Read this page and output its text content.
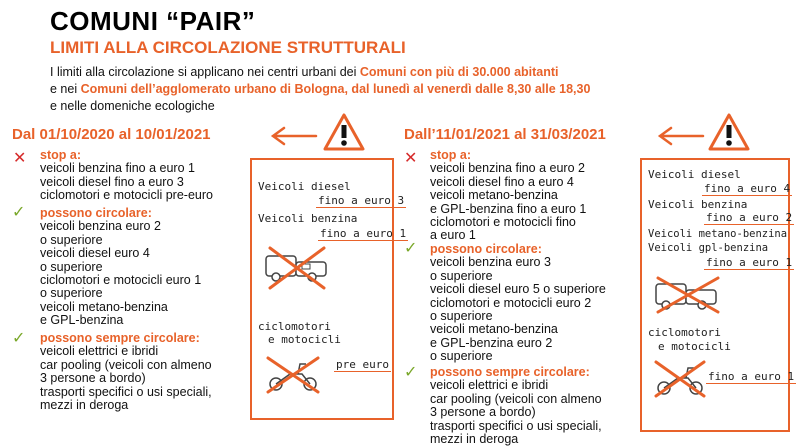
COMUNI “PAIR”
LIMITI ALLA CIRCOLAZIONE STRUTTURALI
I limiti alla circolazione si applicano nei centri urbani dei Comuni con più di 30.000 abitanti
e nei Comuni dell’agglomerato urbano di Bologna, dal lunedì al venerdì dalle 8,30 alle 18,30
e nelle domeniche ecologiche
Dal 01/10/2020 al 10/01/2021
✕ stop a:
veicoli benzina fino a euro 1
veicoli diesel fino a euro 3
ciclomotori e motocicli pre-euro
✓ possono circolare:
veicoli benzina euro 2
o superiore
veicoli diesel euro 4
o superiore
ciclomotori e motocicli euro 1
o superiore
veicoli metano-benzina
e GPL-benzina
✓ possono sempre circolare:
veicoli elettrici e ibridi
car pooling (veicoli con almeno
3 persone a bordo)
trasporti specifici o usi speciali,
mezzi in deroga
Veicoli diesel
fino a euro 3
Veicoli benzina
fino a euro 1
ciclomotori
e motocicli
pre euro
Dall’11/01/2021 al 31/03/2021
✕ stop a:
veicoli benzina fino a euro 2
veicoli diesel fino a euro 4
veicoli metano-benzina
e GPL-benzina fino a euro 1
ciclomotori e motocicli fino
a euro 1
✓ possono circolare:
veicoli benzina euro 3
o superiore
veicoli diesel euro 5 o superiore
ciclomotori e motocicli euro 2
o superiore
veicoli metano-benzina
e GPL-benzina euro 2
o superiore
✓ possono sempre circolare:
veicoli elettrici e ibridi
car pooling (veicoli con almeno
3 persone a bordo)
trasporti specifici o usi speciali,
mezzi in deroga
Veicoli diesel
fino a euro 4
Veicoli benzina
fino a euro 2
Veicoli metano-benzina
Veicoli gpl-benzina
fino a euro 1
ciclomotori
e motocicli
fino a euro 1
